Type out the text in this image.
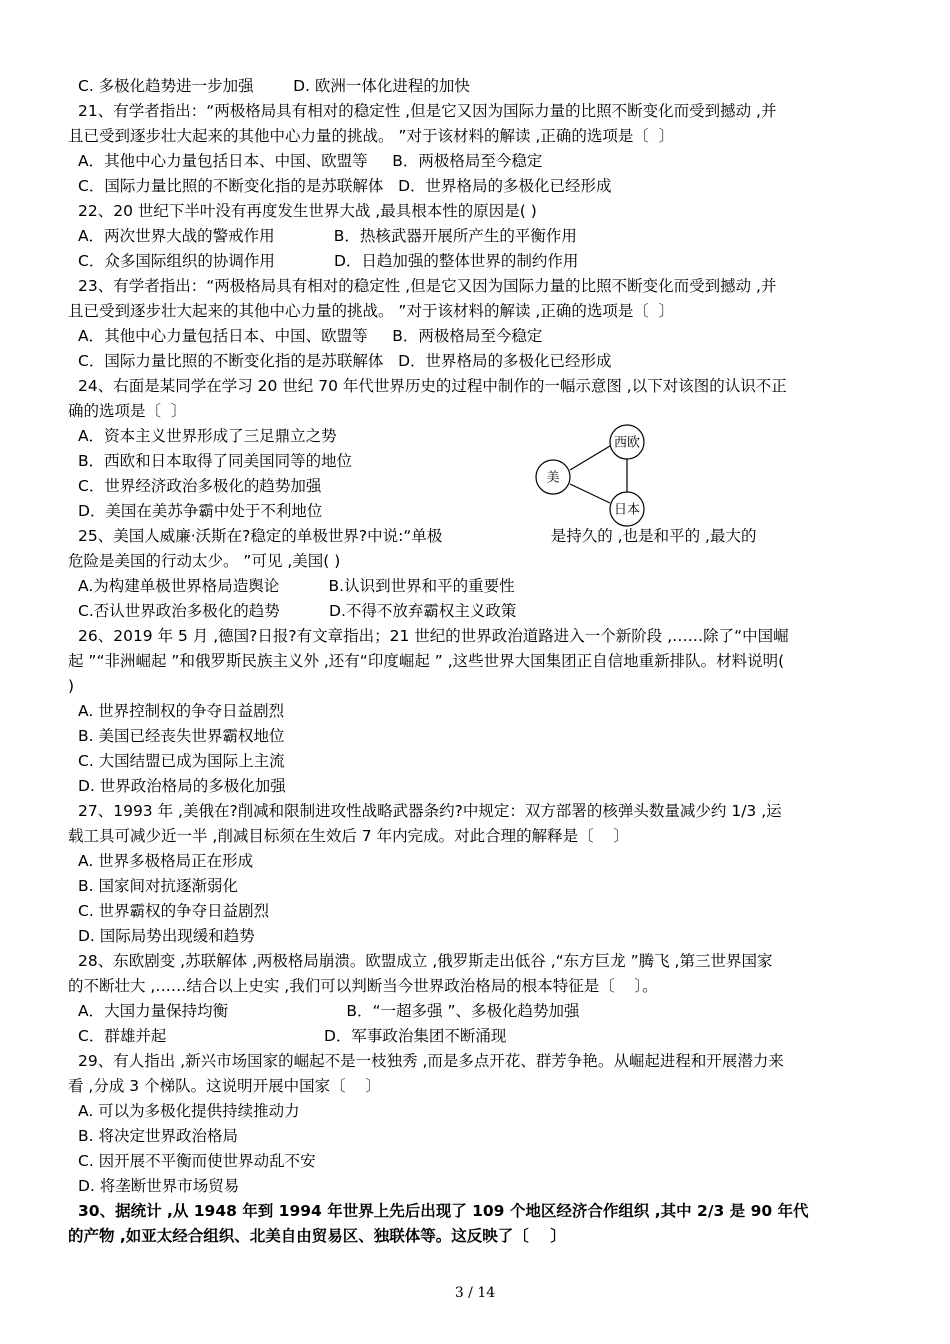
C. 多极化趋势进一步加强        D. 欧洲一体化进程的加快
21、有学者指出：“两极格局具有相对的稳定性 ,但是它又因为国际力量的比照不断变化而受到撼动 ,并
且已受到逐步壮大起来的其他中心力量的挑战。 ”对于该材料的解读 ,正确的选项是〔  〕
A．其他中心力量包括日本、中国、欧盟等     B．两极格局至今稳定
C．国际力量比照的不断变化指的是苏联解体   D．世界格局的多极化已经形成
22、20 世纪下半叶没有再度发生世界大战 ,最具根本性的原因是( )
A．两次世界大战的警戒作用            B．热核武器开展所产生的平衡作用
C．众多国际组织的协调作用            D．日趋加强的整体世界的制约作用
23、有学者指出：“两极格局具有相对的稳定性 ,但是它又因为国际力量的比照不断变化而受到撼动 ,并
且已受到逐步壮大起来的其他中心力量的挑战。 ”对于该材料的解读 ,正确的选项是〔  〕
A．其他中心力量包括日本、中国、欧盟等     B．两极格局至今稳定
C．国际力量比照的不断变化指的是苏联解体   D．世界格局的多极化已经形成
24、右面是某同学在学习 20 世纪 70 年代世界历史的过程中制作的一幅示意图 ,以下对该图的认识不正
确的选项是〔  〕
A．资本主义世界形成了三足鼎立之势
B．西欧和日本取得了同美国同等的地位
C．世界经济政治多极化的趋势加强
D．美国在美苏争霸中处于不利地位
25、美国人威廉·沃斯在?稳定的单极世界?中说:“单极                      是持久的 ,也是和平的 ,最大的
危险是美国的行动太少。 ”可见 ,美国( )
A.为构建单极世界格局造舆论          B.认识到世界和平的重要性
C.否认世界政治多极化的趋势          D.不得不放弃霸权主义政策
26、2019 年 5 月 ,德国?日报?有文章指出；21 世纪的世界政治道路进入一个新阶段 ,……除了“中国崛
起 ”“非洲崛起 ”和俄罗斯民族主义外 ,还有“印度崛起 ” ,这些世界大国集团正自信地重新排队。材料说明(
)
A. 世界控制权的争夺日益剧烈
B. 美国已经丧失世界霸权地位
C. 大国结盟已成为国际上主流
D. 世界政治格局的多极化加强
27、1993 年 ,美俄在?削减和限制进攻性战略武器条约?中规定：双方部署的核弹头数量减少约 1/3 ,运
载工具可减少近一半 ,削减目标须在生效后 7 年内完成。对此合理的解释是〔    〕
A. 世界多极格局正在形成
B. 国家间对抗逐渐弱化
C. 世界霸权的争夺日益剧烈
D. 国际局势出现缓和趋势
28、东欧剧变 ,苏联解体 ,两极格局崩溃。欧盟成立 ,俄罗斯走出低谷 ,“东方巨龙 ”腾飞 ,第三世界国家
的不断壮大 ,……结合以上史实 ,我们可以判断当今世界政治格局的根本特征是〔    〕。
A．大国力量保持均衡                        B．“一超多强 ”、多极化趋势加强
C．群雄并起                                D．军事政治集团不断涌现
29、有人指出 ,新兴市场国家的崛起不是一枝独秀 ,而是多点开花、群芳争艳。从崛起进程和开展潜力来
看 ,分成 3 个梯队。这说明开展中国家〔    〕
A. 可以为多极化提供持续推动力
B. 将决定世界政治格局
C. 因开展不平衡而使世界动乱不安
D. 将垄断世界市场贸易
30、据统计 ,从 1948 年到 1994 年世界上先后出现了 109 个地区经济合作组织 ,其中 2/3 是 90 年代
的产物 ,如亚太经合组织、北美自由贸易区、独联体等。这反映了〔    〕
西欧
美
日本
3 / 14
